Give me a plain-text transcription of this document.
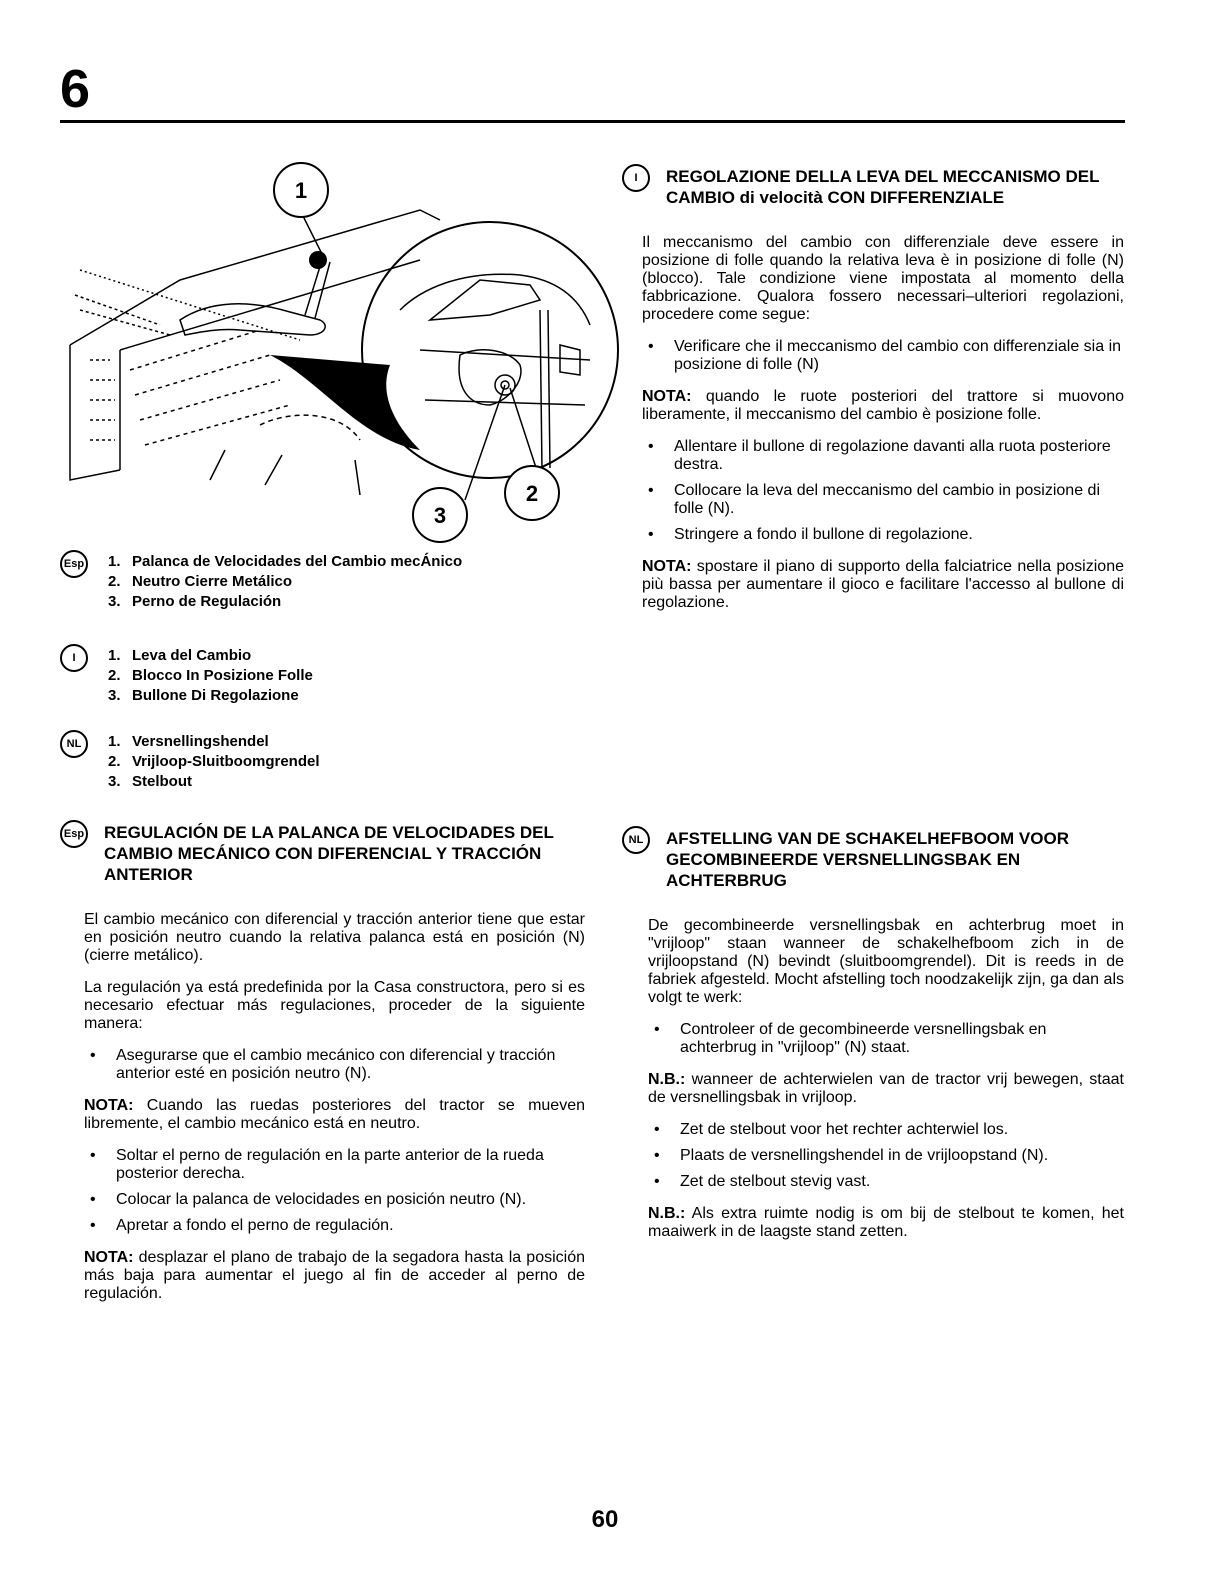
6
1
2
3
Esp 1. Palanca de Velocidades del Cambio mecÁnico
2. Neutro Cierre Metálico
3. Perno de Regulación
I	1. Leva del Cambio
2. Blocco In Posizione Folle
3. Bullone Di Regolazione
NL	1. Versnellingshendel
2. Vrijloop-Sluitboomgrendel
3. Stelbout
I	REGOLAZIONE DELLA LEVA DEL MECCANISMO DEL CAMBIO di velocità CON DIFFERENZIALE

Il meccanismo del cambio con differenziale deve essere in posizione di folle quando la relativa leva è in posizione di folle (N) (blocco). Tale condizione viene impostata al momento della fabbricazione. Qualora fossero necessari–ulteriori regolazioni, procedere come segue:

• Verificare che il meccanismo del cambio con differenziale sia in posizione di folle (N)

NOTA: quando le ruote posteriori del trattore si muovono liberamente, il meccanismo del cambio è posizione folle.

• Allentare il bullone di regolazione davanti alla ruota posteriore destra.
• Collocare la leva del meccanismo del cambio in posizione di folle (N).
• Stringere a fondo il bullone di regolazione.

NOTA: spostare il piano di supporto della falciatrice nella posizione più bassa per aumentare il gioco e facilitare l'accesso al bullone di regolazione.

Esp REGULACIÓN DE LA PALANCA DE VELOCIDADES DEL CAMBIO MECÁNICO CON DIFERENCIAL Y TRACCIÓN ANTERIOR

El cambio mecánico con diferencial y tracción anterior tiene que estar en posición neutro cuando la relativa palanca está en posición (N) (cierre metálico).

La regulación ya está predefinida por la Casa constructora, pero si es necesario efectuar más regulaciones, proceder de la siguiente manera:

• Asegurarse que el cambio mecánico con diferencial y tracción anterior esté en posición neutro (N).

NOTA: Cuando las ruedas posteriores del tractor se mueven libremente, el cambio mecánico está en neutro.

• Soltar el perno de regulación en la parte anterior de la rueda posterior derecha.
• Colocar la palanca de velocidades en posición neutro (N).
• Apretar a fondo el perno de regulación.

NOTA: desplazar el plano de trabajo de la segadora hasta la posición más baja para aumentar el juego al fin de acceder al perno de regulación.

NL	AFSTELLING VAN DE SCHAKELHEFBOOM VOOR GECOMBINEERDE VERSNELLINGSBAK EN ACHTERBRUG

De gecombineerde versnellingsbak en achterbrug moet in "vrijloop" staan wanneer de schakelhefboom zich in de vrijloopstand (N) bevindt (sluitboomgrendel). Dit is reeds in de fabriek afgesteld. Mocht afstelling toch noodzakelijk zijn, ga dan als volgt te werk:

• Controleer of de gecombineerde versnellingsbak en achterbrug in "vrijloop" (N) staat.

N.B.: wanneer de achterwielen van de tractor vrij bewegen, staat de versnellingsbak in vrijloop.

• Zet de stelbout voor het rechter achterwiel los.
• Plaats de versnellingshendel in de vrijloopstand (N).
• Zet de stelbout stevig vast.

N.B.: Als extra ruimte nodig is om bij de stelbout te komen, het maaiwerk in de laagste stand zetten.

60
